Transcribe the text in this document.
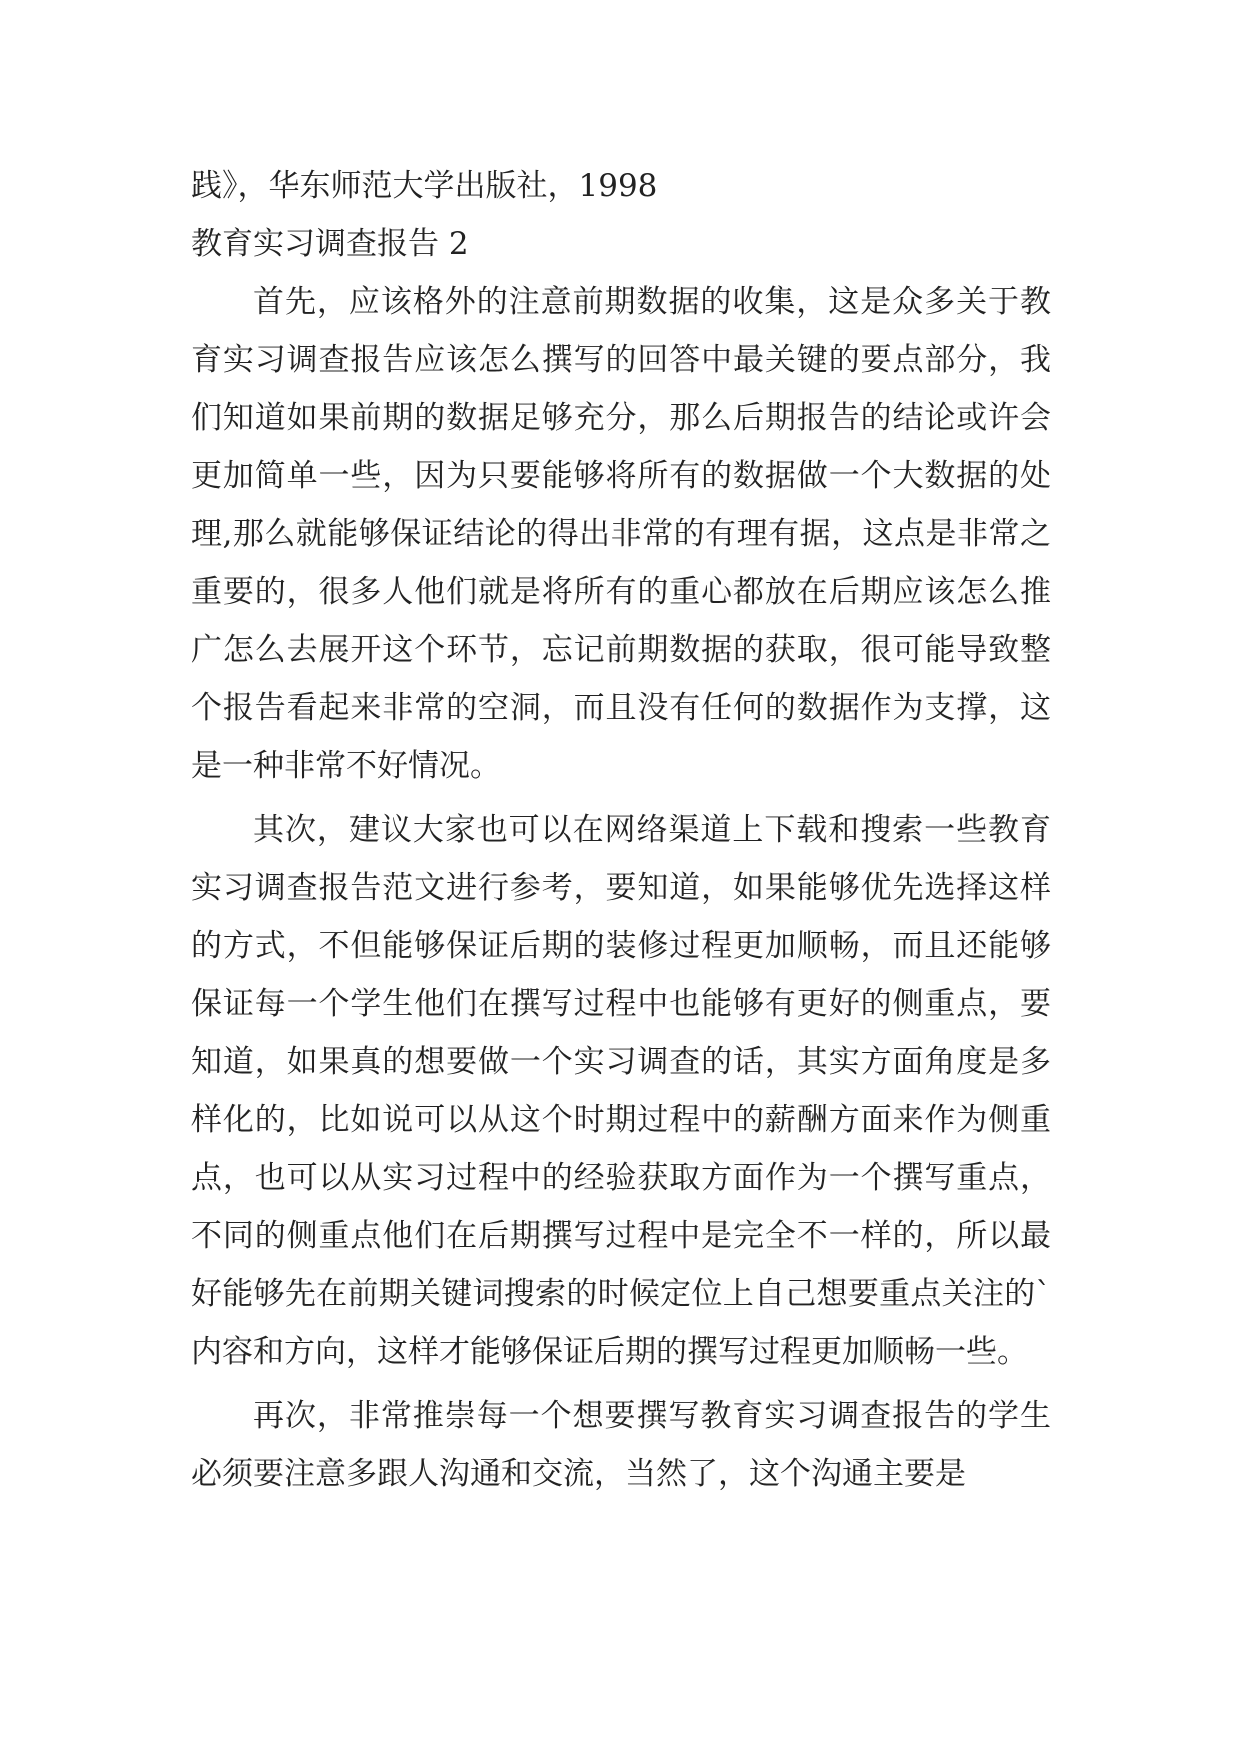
践》，华东师范大学出版社，1998

教育实习调查报告 2

首先，应该格外的注意前期数据的收集，这是众多关于教育实习调查报告应该怎么撰写的回答中最关键的要点部分，我们知道如果前期的数据足够充分，那么后期报告的结论或许会更加简单一些，因为只要能够将所有的数据做一个大数据的处理,那么就能够保证结论的得出非常的有理有据，这点是非常之重要的，很多人他们就是将所有的重心都放在后期应该怎么推广怎么去展开这个环节，忘记前期数据的获取，很可能导致整个报告看起来非常的空洞，而且没有任何的数据作为支撑，这是一种非常不好情况。

其次，建议大家也可以在网络渠道上下载和搜索一些教育实习调查报告范文进行参考，要知道，如果能够优先选择这样的方式，不但能够保证后期的装修过程更加顺畅，而且还能够保证每一个学生他们在撰写过程中也能够有更好的侧重点，要知道，如果真的想要做一个实习调查的话，其实方面角度是多样化的，比如说可以从这个时期过程中的薪酬方面来作为侧重点，也可以从实习过程中的经验获取方面作为一个撰写重点，不同的侧重点他们在后期撰写过程中是完全不一样的，所以最好能够先在前期关键词搜索的时候定位上自己想要重点关注的`内容和方向，这样才能够保证后期的撰写过程更加顺畅一些。

再次，非常推崇每一个想要撰写教育实习调查报告的学生必须要注意多跟人沟通和交流，当然了，这个沟通主要是
